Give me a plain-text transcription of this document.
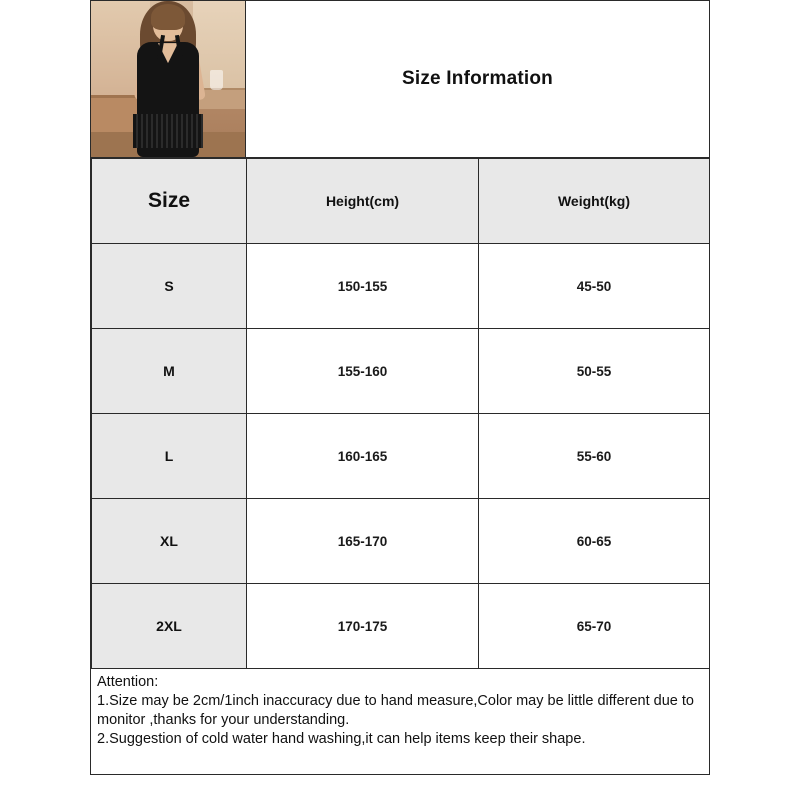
Size Information
Size	Height(cm)	Weight(kg)
S	150-155	45-50
M	155-160	50-55
L	160-165	55-60
XL	165-170	60-65
2XL	170-175	65-70
Attention:
1.Size may be 2cm/1inch inaccuracy due to hand measure,Color may be little different due to monitor ,thanks for your understanding.
2.Suggestion of cold water hand washing,it can help items keep their shape.
